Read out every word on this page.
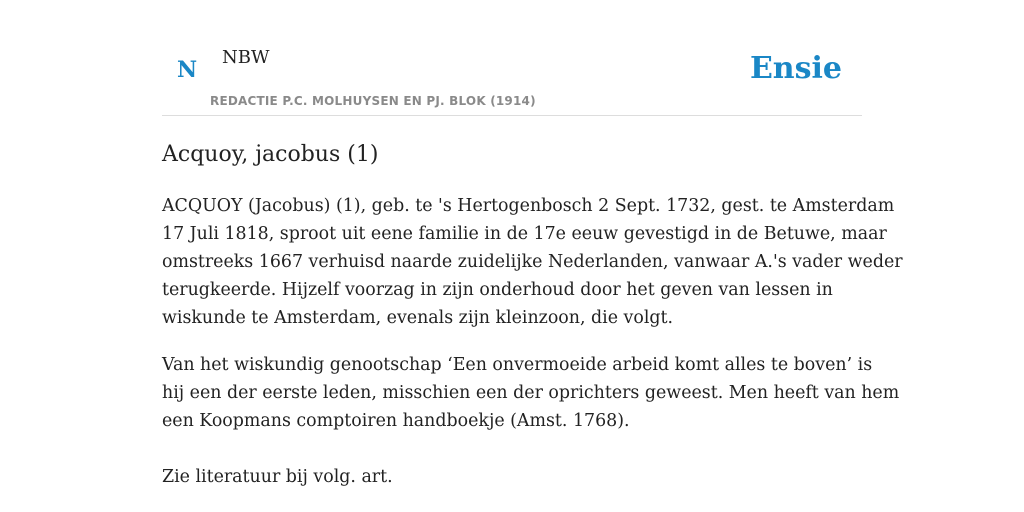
N NBW
REDACTIE P.C. MOLHUYSEN EN PJ. BLOK (1914)
Ensie
Acquoy, jacobus (1)

ACQUOY (Jacobus) (1), geb. te 's Hertogenbosch 2 Sept. 1732, gest. te Amsterdam
17 Juli 1818, sproot uit eene familie in de 17e eeuw gevestigd in de Betuwe, maar
omstreeks 1667 verhuisd naarde zuidelijke Nederlanden, vanwaar A.'s vader weder
terugkeerde. Hijzelf voorzag in zijn onderhoud door het geven van lessen in
wiskunde te Amsterdam, evenals zijn kleinzoon, die volgt.

Van het wiskundig genootschap ‘Een onvermoeide arbeid komt alles te boven’ is
hij een der eerste leden, misschien een der oprichters geweest. Men heeft van hem
een Koopmans comptoiren handboekje (Amst. 1768).

Zie literatuur bij volg. art.
